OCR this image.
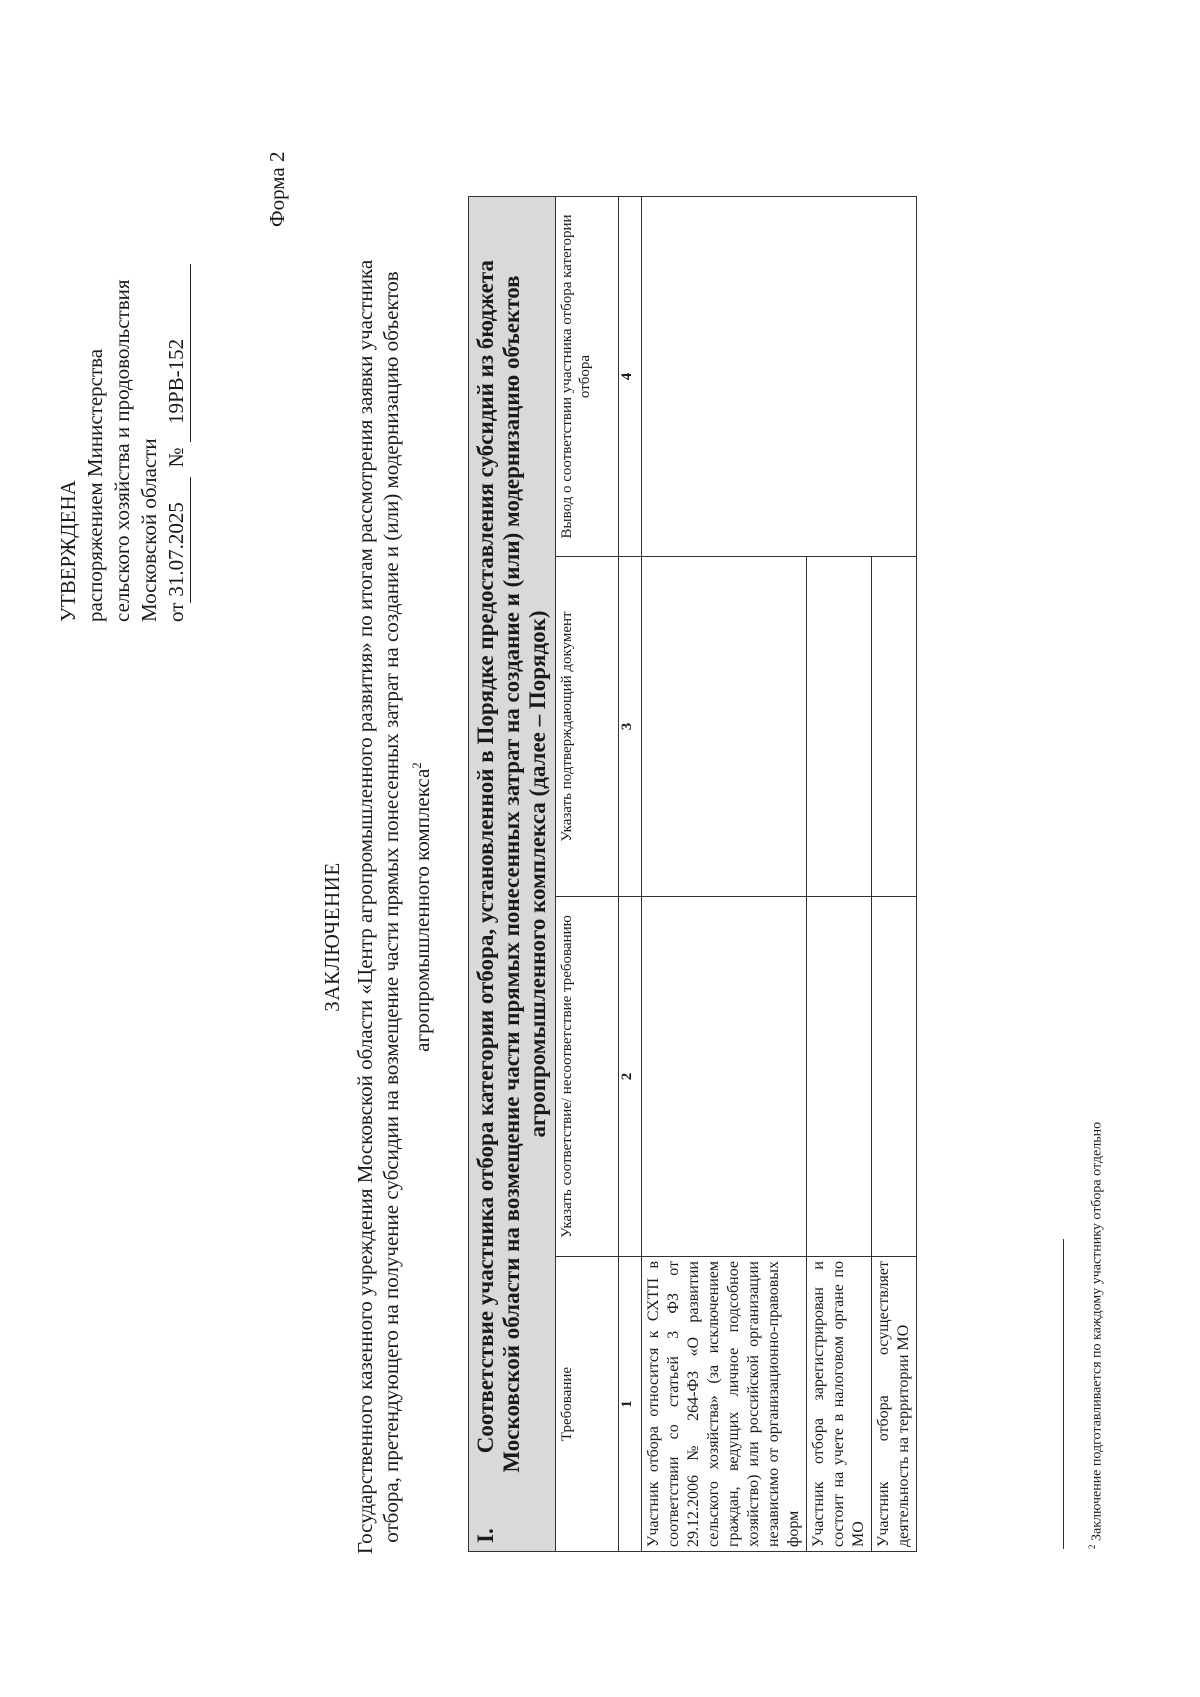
УТВЕРЖДЕНА распоряжением Министерства сельского хозяйства и продовольствия Московской области от31.07.2025 № 19РВ-152
Форма 2
ЗАКЛЮЧЕНИЕ Государственного казенного учреждения Московской области «Центр агропромышленного развития» по итогам рассмотрения заявки участника отбора, претендующего на получение субсидии на возмещение части прямых понесенных затрат на создание и (или) модернизацию объектов агропромышленного комплекса$^2$
I.
Соответствие участника отбора категории отбора, установленной в Порядке предоставления субсидий из бюджета Московской области на возмещение части прямых понесенных затрат на создание и (или) модернизацию объектов агропромышленного комплекса (далее – Порядок)			
Требование	Указать соответствие/ несоответствие требованию	Указать подтверждающий документ	Вывод о соответствии участника отбора категории отбора
1	2	3	4
Участник отбора относится к СХТП в соответствии со статьей 3 ФЗ от 29.12.2006 № 264-ФЗ «О развитии сельского хозяйства» (за исключением граждан, ведущих личное подсобное хозяйство) или российской организации независимо от организационно-правовых форм			
Участник отбора зарегистрирован и состоит на учете в налоговом органе по МО			
Участник отбора осуществляет деятельность на территории МО				$^2$ Заключение подготавливается по каждому участнику отбора отдельно
